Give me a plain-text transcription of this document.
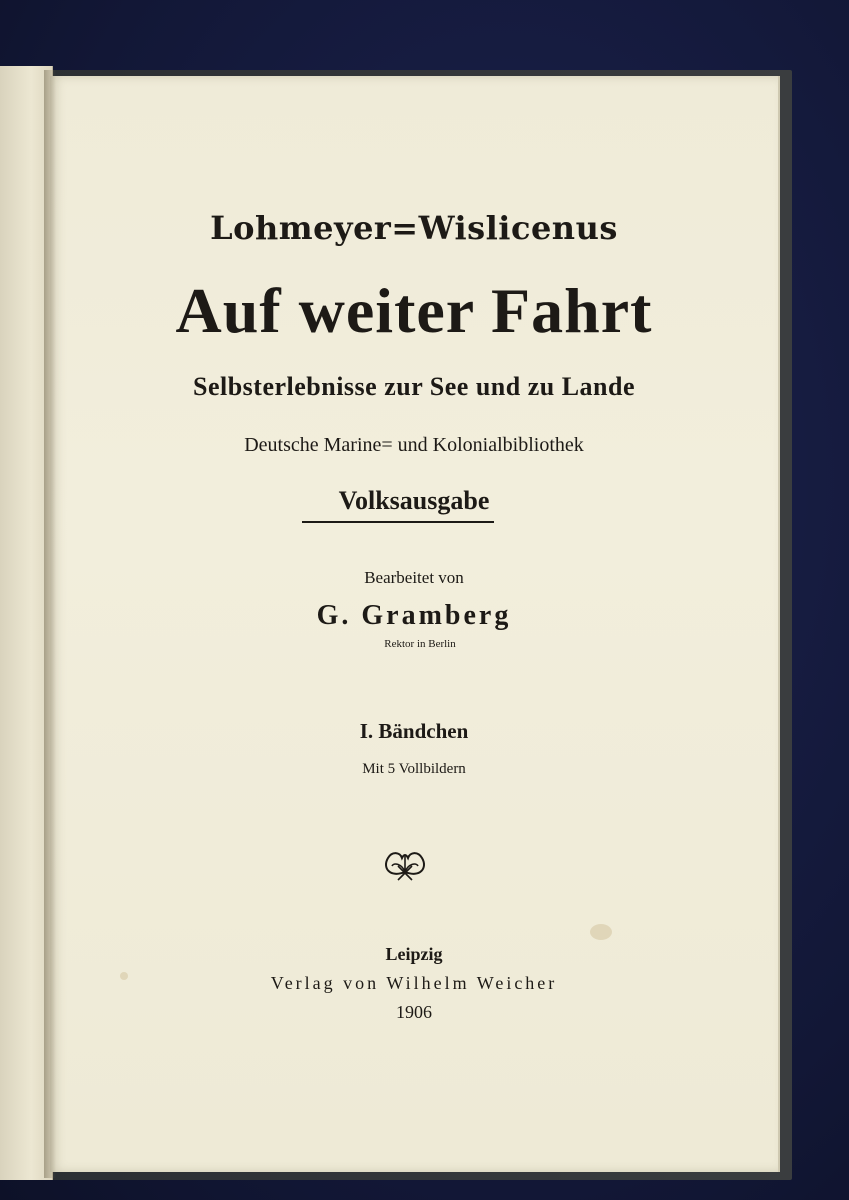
Lohmeyer=Wislicenus
Auf weiter Fahrt
Selbsterlebnisse zur See und zu Lande
Deutsche Marine= und Kolonialbibliothek
Volksausgabe
Bearbeitet von
G. Gramberg
Rektor in Berlin
I. Bändchen
Mit 5 Vollbildern
Leipzig
Verlag von Wilhelm Weicher
1906
